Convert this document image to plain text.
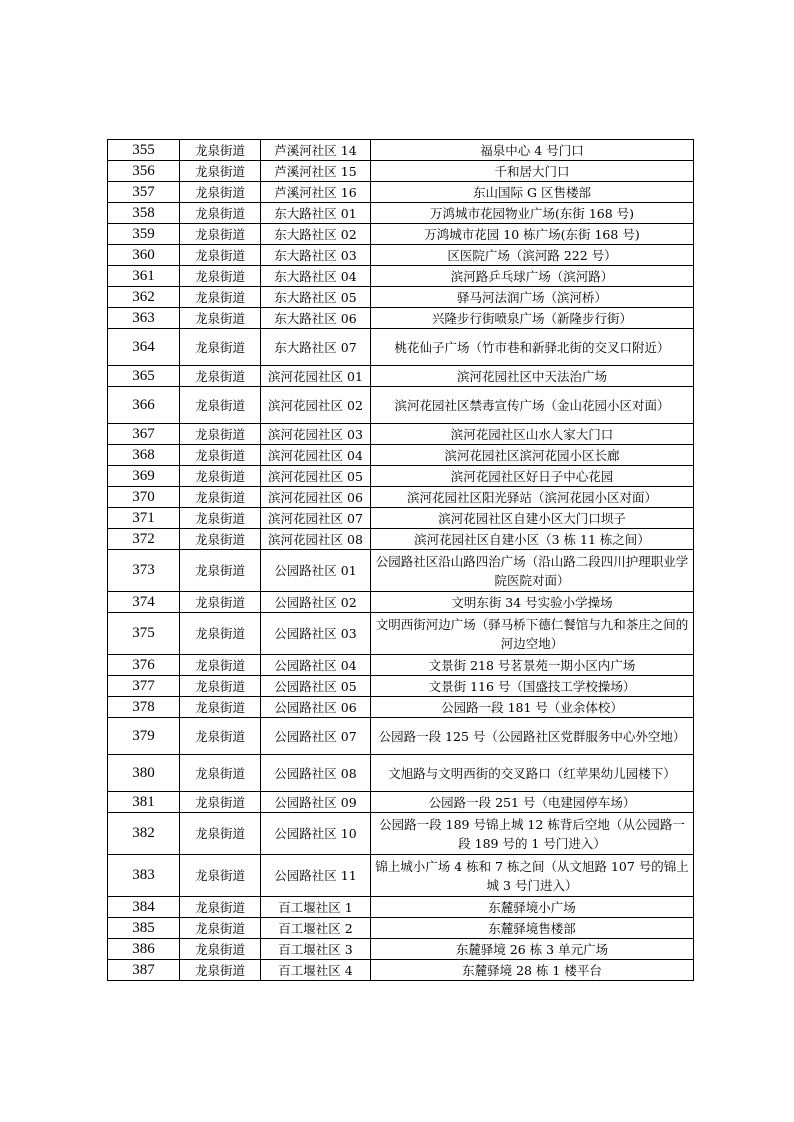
355	龙泉街道	芦溪河社区 14	福泉中心 4 号门口
356	龙泉街道	芦溪河社区 15	千和居大门口
357	龙泉街道	芦溪河社区 16	东山国际 G 区售楼部
358	龙泉街道	东大路社区 01	万鸿城市花园物业广场(东街 168 号)
359	龙泉街道	东大路社区 02	万鸿城市花园 10 栋广场(东街 168 号)
360	龙泉街道	东大路社区 03	区医院广场（滨河路 222 号）
361	龙泉街道	东大路社区 04	滨河路乒乓球广场（滨河路）
362	龙泉街道	东大路社区 05	驿马河法润广场（滨河桥）
363	龙泉街道	东大路社区 06	兴隆步行街喷泉广场（新隆步行街）
364	龙泉街道	东大路社区 07	桃花仙子广场（竹市巷和新驿北街的交叉口附近）
365	龙泉街道	滨河花园社区 01	滨河花园社区中天法治广场
366	龙泉街道	滨河花园社区 02	滨河花园社区禁毒宣传广场（金山花园小区对面）
367	龙泉街道	滨河花园社区 03	滨河花园社区山水人家大门口
368	龙泉街道	滨河花园社区 04	滨河花园社区滨河花园小区长廊
369	龙泉街道	滨河花园社区 05	滨河花园社区好日子中心花园
370	龙泉街道	滨河花园社区 06	滨河花园社区阳光驿站（滨河花园小区对面）
371	龙泉街道	滨河花园社区 07	滨河花园社区自建小区大门口坝子
372	龙泉街道	滨河花园社区 08	滨河花园社区自建小区（3 栋 11 栋之间）
373	龙泉街道	公园路社区 01	公园路社区沿山路四治广场（沿山路二段四川护理职业学院医院对面）
374	龙泉街道	公园路社区 02	文明东街 34 号实验小学操场
375	龙泉街道	公园路社区 03	文明西街河边广场（驿马桥下德仁餐馆与九和茶庄之间的河边空地）
376	龙泉街道	公园路社区 04	文景街 218 号茗景苑一期小区内广场
377	龙泉街道	公园路社区 05	文景街 116 号（国盛技工学校操场）
378	龙泉街道	公园路社区 06	公园路一段 181 号（业余体校）
379	龙泉街道	公园路社区 07	公园路一段 125 号（公园路社区党群服务中心外空地）
380	龙泉街道	公园路社区 08	文旭路与文明西街的交叉路口（红苹果幼儿园楼下）
381	龙泉街道	公园路社区 09	公园路一段 251 号（电建园停车场）
382	龙泉街道	公园路社区 10	公园路一段 189 号锦上城 12 栋背后空地（从公园路一段 189 号的 1 号门进入）
383	龙泉街道	公园路社区 11	锦上城小广场 4 栋和 7 栋之间（从文旭路 107 号的锦上城 3 号门进入）
384	龙泉街道	百工堰社区 1	东麓驿境小广场
385	龙泉街道	百工堰社区 2	东麓驿境售楼部
386	龙泉街道	百工堰社区 3	东麓驿境 26 栋 3 单元广场
387	龙泉街道	百工堰社区 4	东麓驿境 28 栋 1 楼平台
